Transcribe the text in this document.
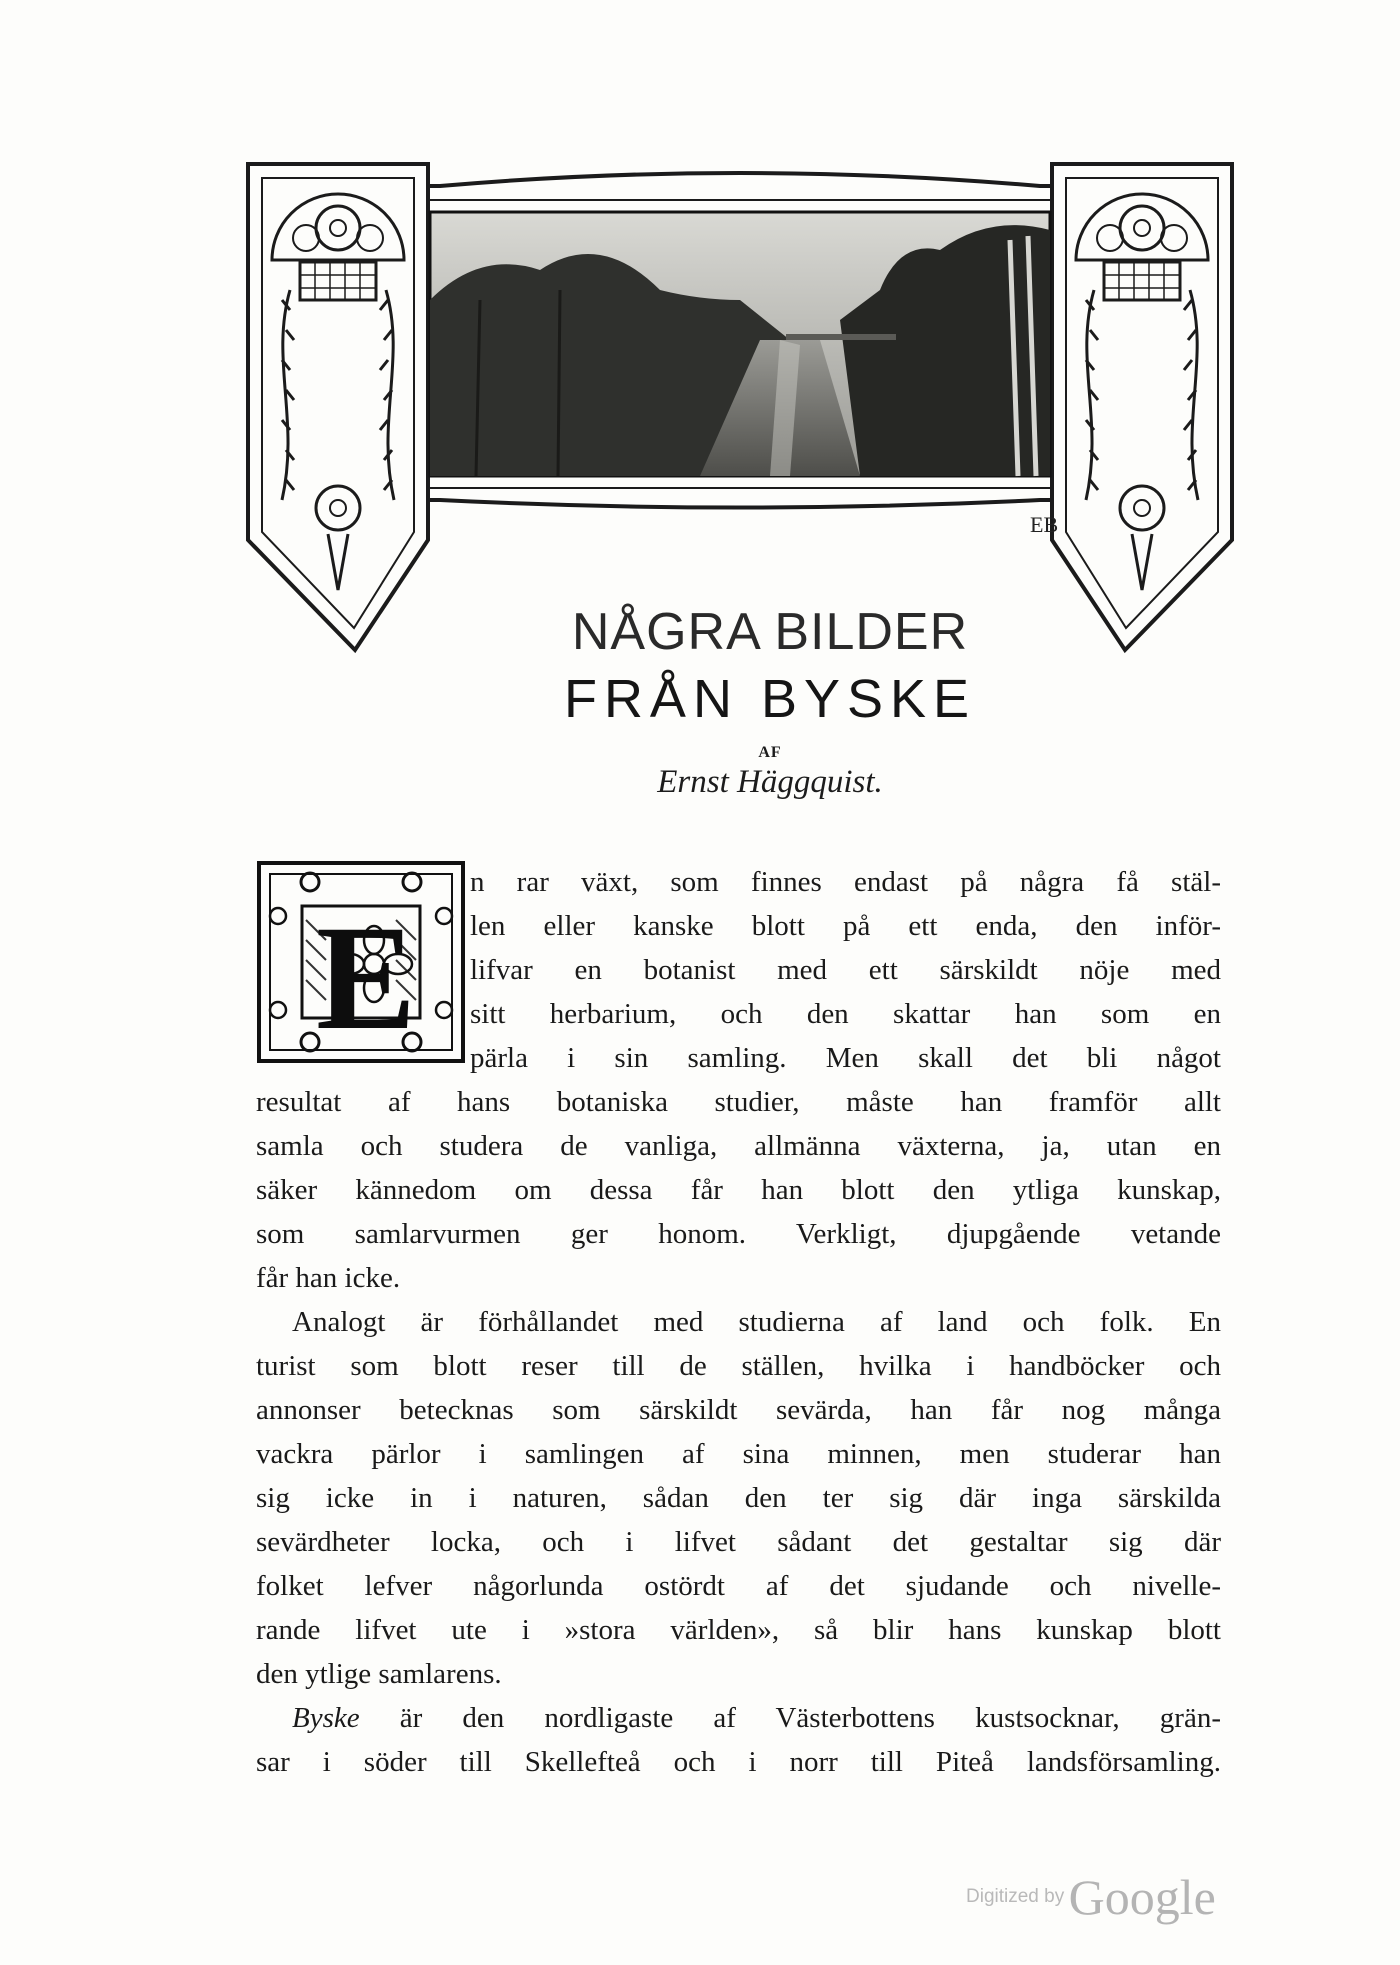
EB
NÅGRA BILDER
FRÅN BYSKE
AF
Ernst Häggquist.
E
n rar växt, som finnes endast på några få stäl-
len eller kanske blott på ett enda, den inför-
lifvar en botanist med ett särskildt nöje med
sitt herbarium, och den skattar han som en
pärla i sin samling. Men skall det bli något
resultat af hans botaniska studier, måste han framför allt
samla och studera de vanliga, allmänna växterna, ja, utan en
säker kännedom om dessa får han blott den ytliga kunskap,
som samlarvurmen ger honom. Verkligt, djupgående vetande
får han icke.
Analogt är förhållandet med studierna af land och folk. En
turist som blott reser till de ställen, hvilka i handböcker och
annonser betecknas som särskildt sevärda, han får nog många
vackra pärlor i samlingen af sina minnen, men studerar han
sig icke in i naturen, sådan den ter sig där inga särskilda
sevärdheter locka, och i lifvet sådant det gestaltar sig där
folket lefver någorlunda ostördt af det sjudande och nivelle-
rande lifvet ute i »stora världen», så blir hans kunskap blott
den ytlige samlarens.
Byske är den nordligaste af Västerbottens kustsocknar, grän-
sar i söder till Skellefteå och i norr till Piteå landsförsamling.
Digitized by Google
